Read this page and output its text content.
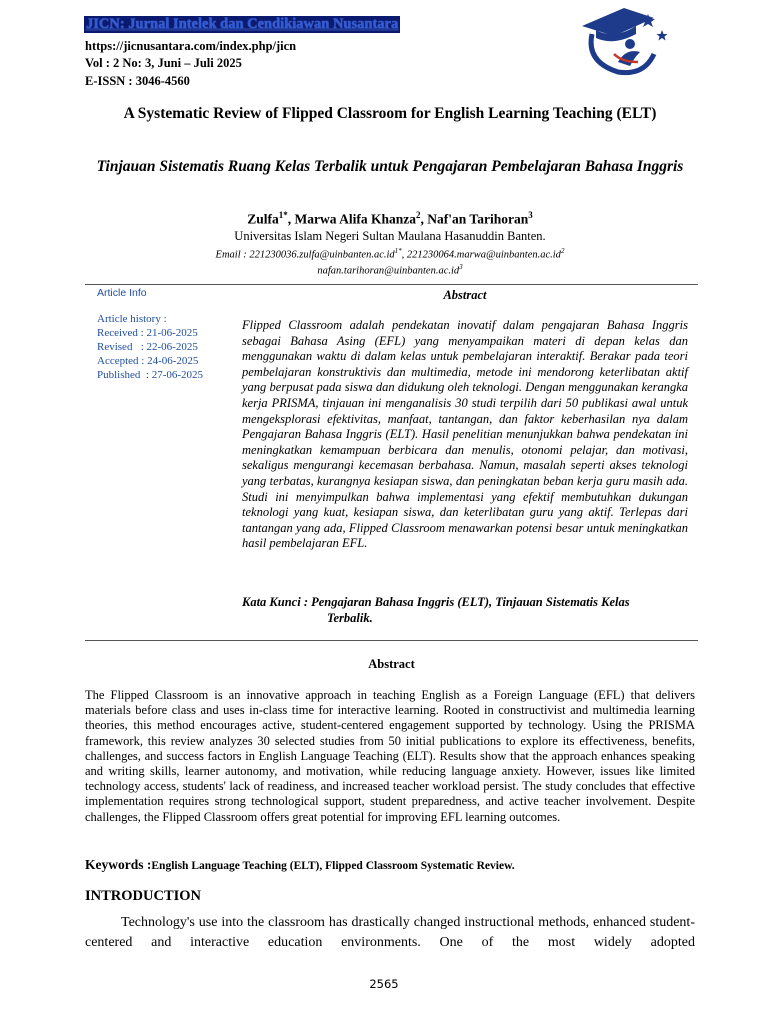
JICN: Jurnal Intelek dan Cendikiawan Nusantara
https://jicnusantara.com/index.php/jicn
Vol : 2 No: 3, Juni – Juli 2025
E-ISSN : 3046-4560
A Systematic Review of Flipped Classroom for English Learning Teaching (ELT)
Tinjauan Sistematis Ruang Kelas Terbalik untuk Pengajaran Pembelajaran Bahasa Inggris
Zulfa$^{1*}$, Marwa Alifa Khanza$^2$, Naf'an Tarihoran$^3$
Universitas Islam Negeri Sultan Maulana Hasanuddin Banten.
Email : $221230036.zulfa@uinbanten.ac.id^{1*}$, $221230064.marwa@uinbanten.ac.id^2$
$nafan.tarihoran@uinbanten.ac.id^3$
Article Info
Article history :
Received : 21-06-2025
Revised   : 22-06-2025
Accepted : 24-06-2025
Published  : 27-06-2025
Abstract
Flipped Classroom adalah pendekatan inovatif dalam pengajaran Bahasa Inggris sebagai Bahasa Asing (EFL) yang menyampaikan materi di depan kelas dan menggunakan waktu di dalam kelas untuk pembelajaran interaktif. Berakar pada teori pembelajaran konstruktivis dan multimedia, metode ini mendorong keterlibatan aktif yang berpusat pada siswa dan didukung oleh teknologi. Dengan menggunakan kerangka kerja PRISMA, tinjauan ini menganalisis 30 studi terpilih dari 50 publikasi awal untuk mengeksplorasi efektivitas, manfaat, tantangan, dan faktor keberhasilan nya dalam Pengajaran Bahasa Inggris (ELT). Hasil penelitian menunjukkan bahwa pendekatan ini meningkatkan kemampuan berbicara dan menulis, otonomi pelajar, dan motivasi, sekaligus mengurangi kecemasan berbahasa. Namun, masalah seperti akses teknologi yang terbatas, kurangnya kesiapan siswa, dan peningkatan beban kerja guru masih ada. Studi ini menyimpulkan bahwa implementasi yang efektif membutuhkan dukungan teknologi yang kuat, kesiapan siswa, dan keterlibatan guru yang aktif. Terlepas dari tantangan yang ada, Flipped Classroom menawarkan potensi besar untuk meningkatkan hasil pembelajaran EFL.
Kata Kunci : Pengajaran Bahasa Inggris (ELT), Tinjauan Sistematis Kelas
Terbalik.
Abstract
The Flipped Classroom is an innovative approach in teaching English as a Foreign Language (EFL) that delivers materials before class and uses in-class time for interactive learning. Rooted in constructivist and multimedia learning theories, this method encourages active, student-centered engagement supported by technology. Using the PRISMA framework, this review analyzes 30 selected studies from 50 initial publications to explore its effectiveness, benefits, challenges, and success factors in English Language Teaching (ELT). Results show that the approach enhances speaking and writing skills, learner autonomy, and motivation, while reducing language anxiety. However, issues like limited technology access, students' lack of readiness, and increased teacher workload persist. The study concludes that effective implementation requires strong technological support, student preparedness, and active teacher involvement. Despite challenges, the Flipped Classroom offers great potential for improving EFL learning outcomes.
Keywords :English Language Teaching (ELT), Flipped Classroom Systematic Review.
INTRODUCTION
Technology's use into the classroom has drastically changed instructional methods, enhanced student-centered and interactive education environments. One of the most widely adopted
2565
